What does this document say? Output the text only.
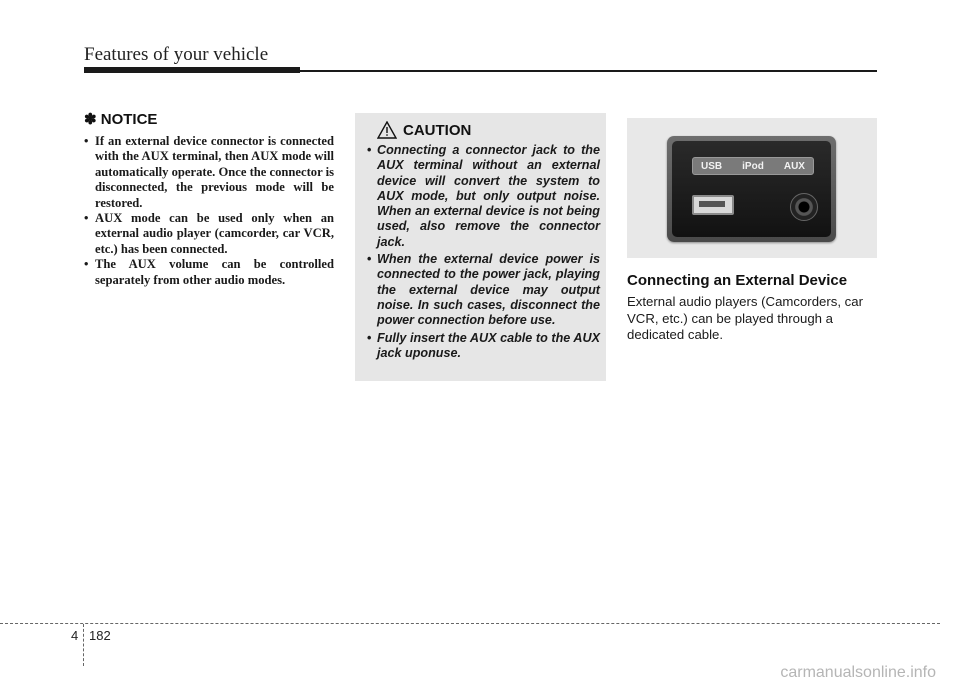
Features of your vehicle
✽ NOTICE
• If an external device connector is connected with the AUX terminal, then AUX mode will automatically operate. Once the connector is disconnected, the previous mode will be restored.
• AUX mode can be used only when an external audio player (camcorder, car VCR, etc.) has been connected.
• The AUX volume can be controlled separately from other audio modes.
CAUTION
• Connecting a connector jack to the AUX terminal without an external device will convert the system to AUX mode, but only output noise. When an external device is not being used, also remove the connector jack.
• When the external device power is connected to the power jack, playing the external device may output noise. In such cases, disconnect the power connection before use.
• Fully insert the AUX cable to the AUX jack uponuse.
USB iPod AUX
Connecting an External Device
External audio players (Camcorders, car VCR, etc.) can be played through a dedicated cable.
4 182
carmanualsonline.info
